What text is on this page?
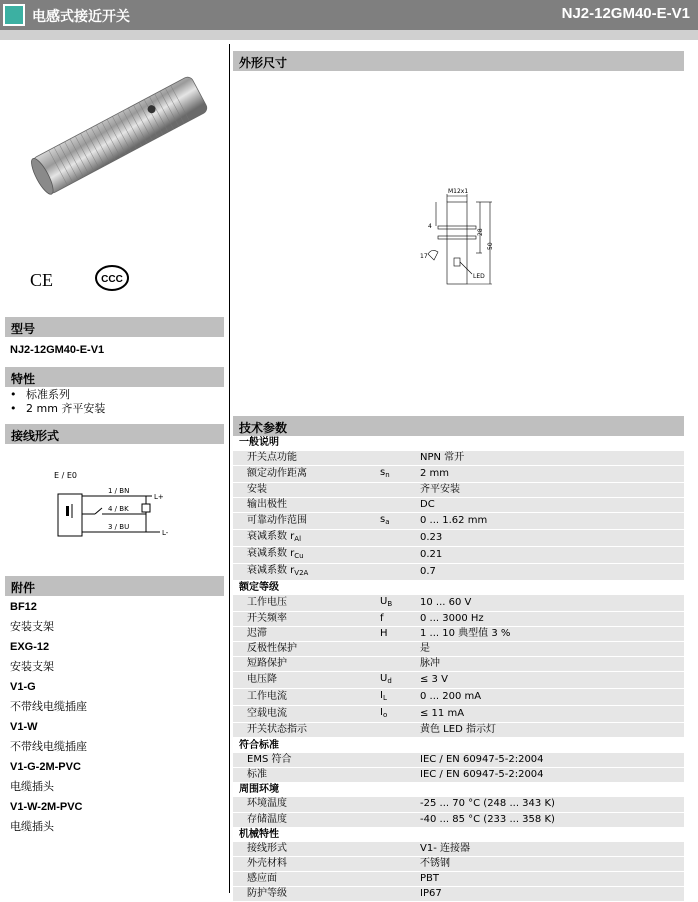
电感式接近开关	NJ2-12GM40-E-V1
CE	CCC
型号
NJ2-12GM40-E-V1
特性
• 标准系列
• 2 mm 齐平安装
接线形式
E / E0
1 / BN
4 / BK
3 / BU
L+
L-
附件
BF12
安装支架
EXG-12
安装支架
V1-G
不带线电缆插座
V1-W
不带线电缆插座
V1-G-2M-PVC
电缆插头
V1-W-2M-PVC
电缆插头
外形尺寸
M12x1
4
28
50
17
LED
技术参数
一般说明		
开关点功能		NPN 常开
额定动作距离	$s_n$	2 mm
安装		齐平安装
输出极性		DC
可靠动作范围	$s_a$	0 ... 1.62 mm
衰减系数 $r_{Al}$		0.23
衰减系数 $r_{Cu}$		0.21
衰减系数 $r_{V2A}$		0.7
额定等级		
工作电压	$U_B$	10 ... 60 V
开关频率	f	0 ... 3000 Hz
迟滞	H	1 ... 10 典型值 3 %
反极性保护		是
短路保护		脉冲
电压降	$U_d$	≤ 3 V
工作电流	$I_L$	0 ... 200 mA
空载电流	$I_o$	≤ 11 mA
开关状态指示		黄色 LED 指示灯
符合标准		
EMS 符合		IEC / EN 60947-5-2:2004
标准		IEC / EN 60947-5-2:2004
周围环境		
环境温度		-25 ... 70 °C (248 ... 343 K)
存储温度		-40 ... 85 °C (233 ... 358 K)
机械特性		
接线形式		V1- 连接器
外壳材料		不锈钢
感应面		PBT
防护等级		IP67
